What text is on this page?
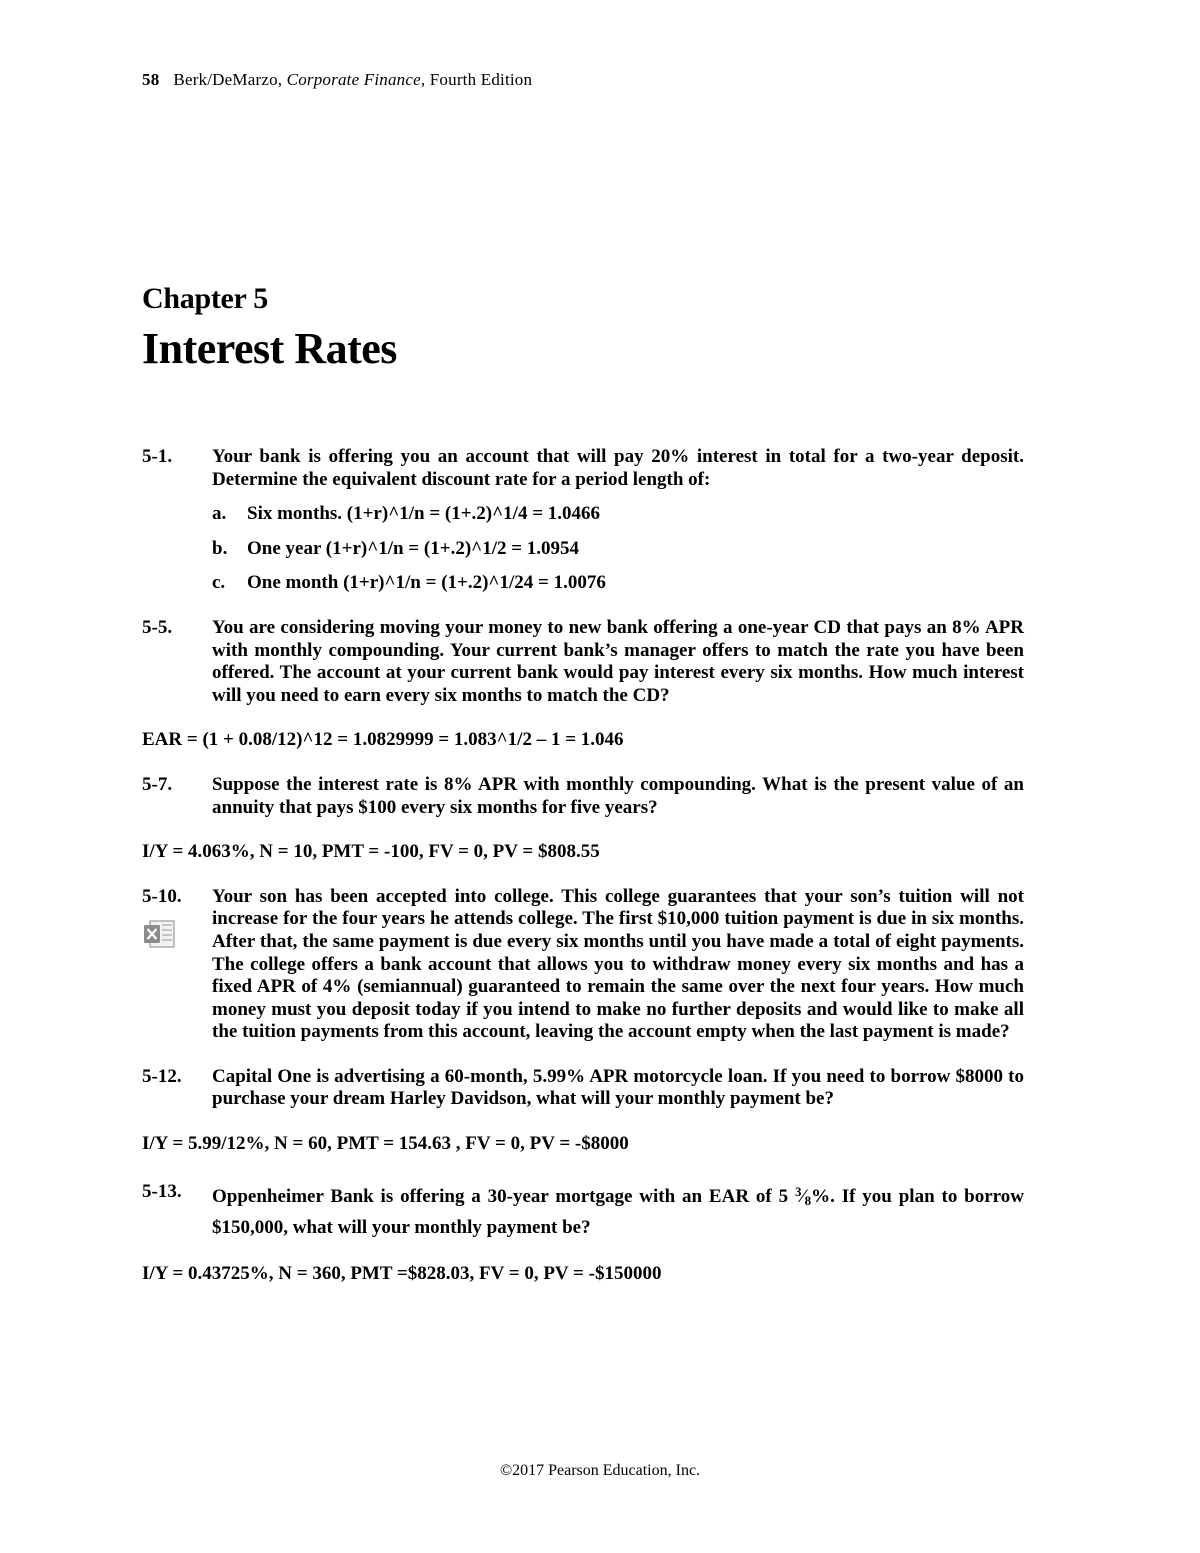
58 Berk/DeMarzo, Corporate Finance, Fourth Edition
Chapter 5
Interest Rates
5-1. Your bank is offering you an account that will pay 20% interest in total for a two-year deposit. Determine the equivalent discount rate for a period length of:
a. Six months. (1+r)^1/n = (1+.2)^1/4 = 1.0466
b. One year (1+r)^1/n = (1+.2)^1/2 = 1.0954
c. One month (1+r)^1/n = (1+.2)^1/24 = 1.0076
5-5. You are considering moving your money to new bank offering a one-year CD that pays an 8% APR with monthly compounding. Your current bank’s manager offers to match the rate you have been offered. The account at your current bank would pay interest every six months. How much interest will you need to earn every six months to match the CD?
EAR = (1 + 0.08/12)^12 = 1.0829999 = 1.083^1/2 – 1 = 1.046
5-7. Suppose the interest rate is 8% APR with monthly compounding. What is the present value of an annuity that pays $100 every six months for five years?
I/Y = 4.063%, N = 10, PMT = -100, FV = 0, PV = $808.55
5-10. Your son has been accepted into college. This college guarantees that your son’s tuition will not increase for the four years he attends college. The first $10,000 tuition payment is due in six months. After that, the same payment is due every six months until you have made a total of eight payments. The college offers a bank account that allows you to withdraw money every six months and has a fixed APR of 4% (semiannual) guaranteed to remain the same over the next four years. How much money must you deposit today if you intend to make no further deposits and would like to make all the tuition payments from this account, leaving the account empty when the last payment is made?
5-12. Capital One is advertising a 60-month, 5.99% APR motorcycle loan. If you need to borrow $8000 to purchase your dream Harley Davidson, what will your monthly payment be?
I/Y = 5.99/12%, N = 60, PMT = 154.63 , FV = 0, PV = -$8000
5-13. Oppenheimer Bank is offering a 30-year mortgage with an EAR of 5 $^3$⁄8%. If you plan to borrow $150,000, what will your monthly payment be?
I/Y = 0.43725%, N = 360, PMT =$828.03, FV = 0, PV = -$150000
©2017 Pearson Education, Inc.
